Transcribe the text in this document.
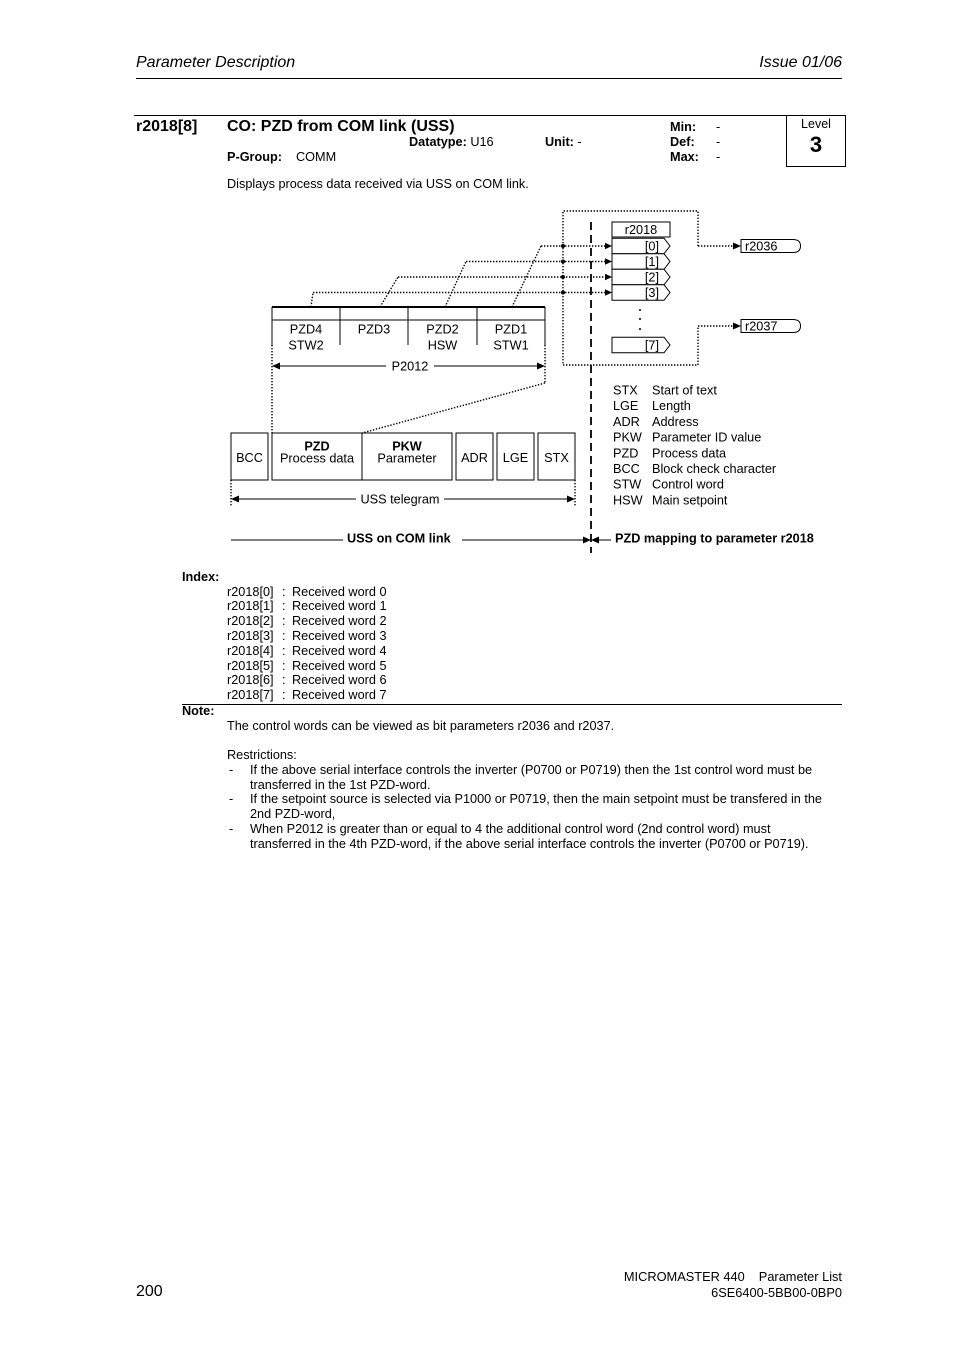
Parameter Description	Issue 01/06
Level
3
r2018[8] CO: PZD from COM link (USS)
Datatype: U16	Unit: -
P-Group: COMM
Min: -
Def: -
Max: -
Displays process data received via USS on COM link.
r2036
r2037
r2018
[0]
[1]
[2]
[3]
[7]
PZD4
STW2
PZD3	PZD2
HSW
PZD1
STW1
P2012
BCC
PZD
Process data
PKW
Parameter ADR LGE STX
USS telegram
USS on COM link	PZD mapping to parameter r2018
STX Start of text
LGE Length
ADR Address
PKW Parameter ID value
PZD Process data
BCC Block check character
STW Control word
HSW Main setpoint
Index:
r2018[0] : Received word 0
r2018[1] : Received word 1
r2018[2] : Received word 2
r2018[3] : Received word 3
r2018[4] : Received word 4
r2018[5] : Received word 5
r2018[6] : Received word 6
r2018[7] : Received word 7
Note:
The control words can be viewed as bit parameters r2036 and r2037.
Restrictions:
- If the above serial interface controls the inverter (P0700 or P0719) then the 1st control word must be
transferred in the 1st PZD-word.
- If the setpoint source is selected via P1000 or P0719, then the main setpoint must be transfered in the
2nd PZD-word,
- When P2012 is greater than or equal to 4 the additional control word (2nd control word) must
transferred in the 4th PZD-word, if the above serial interface controls the inverter (P0700 or P0719).
MICROMASTER 440 Parameter List
6SE6400-5BB00-0BP0
200
